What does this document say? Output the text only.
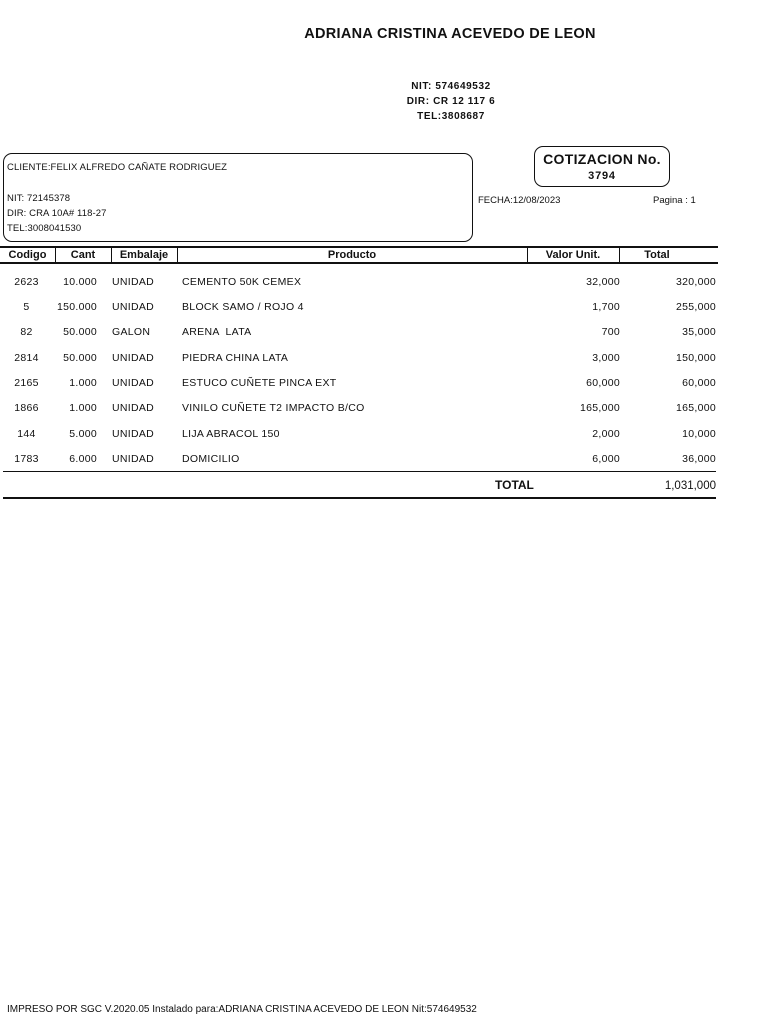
ADRIANA CRISTINA ACEVEDO DE LEON
NIT: 574649532
DIR: CR 12 117 6
TEL:3808687
CLIENTE:FELIX ALFREDO CAÑATE RODRIGUEZ
NIT: 72145378
DIR: CRA 10A# 118-27
TEL:3008041530
COTIZACION No.
3794
FECHA:12/08/2023	Pagina : 1
Codigo	Cant	Embalaje	Producto	Valor Unit.	Total
2623	10.000 UNIDAD	CEMENTO 50K CEMEX	32,000	320,000
5	150.000 UNIDAD	BLOCK SAMO / ROJO 4	1,700	255,000
82	50.000 GALON	ARENA  LATA	700	35,000
2814	50.000 UNIDAD	PIEDRA CHINA LATA	3,000	150,000
2165	1.000 UNIDAD	ESTUCO CUÑETE PINCA EXT	60,000	60,000
1866	1.000 UNIDAD	VINILO CUÑETE T2 IMPACTO B/CO	165,000	165,000
144	5.000 UNIDAD	LIJA ABRACOL 150	2,000	10,000
1783	6.000 UNIDAD	DOMICILIO	6,000	36,000
TOTAL	1,031,000
IMPRESO POR SGC V.2020.05 Instalado para:ADRIANA CRISTINA ACEVEDO DE LEON Nit:574649532
